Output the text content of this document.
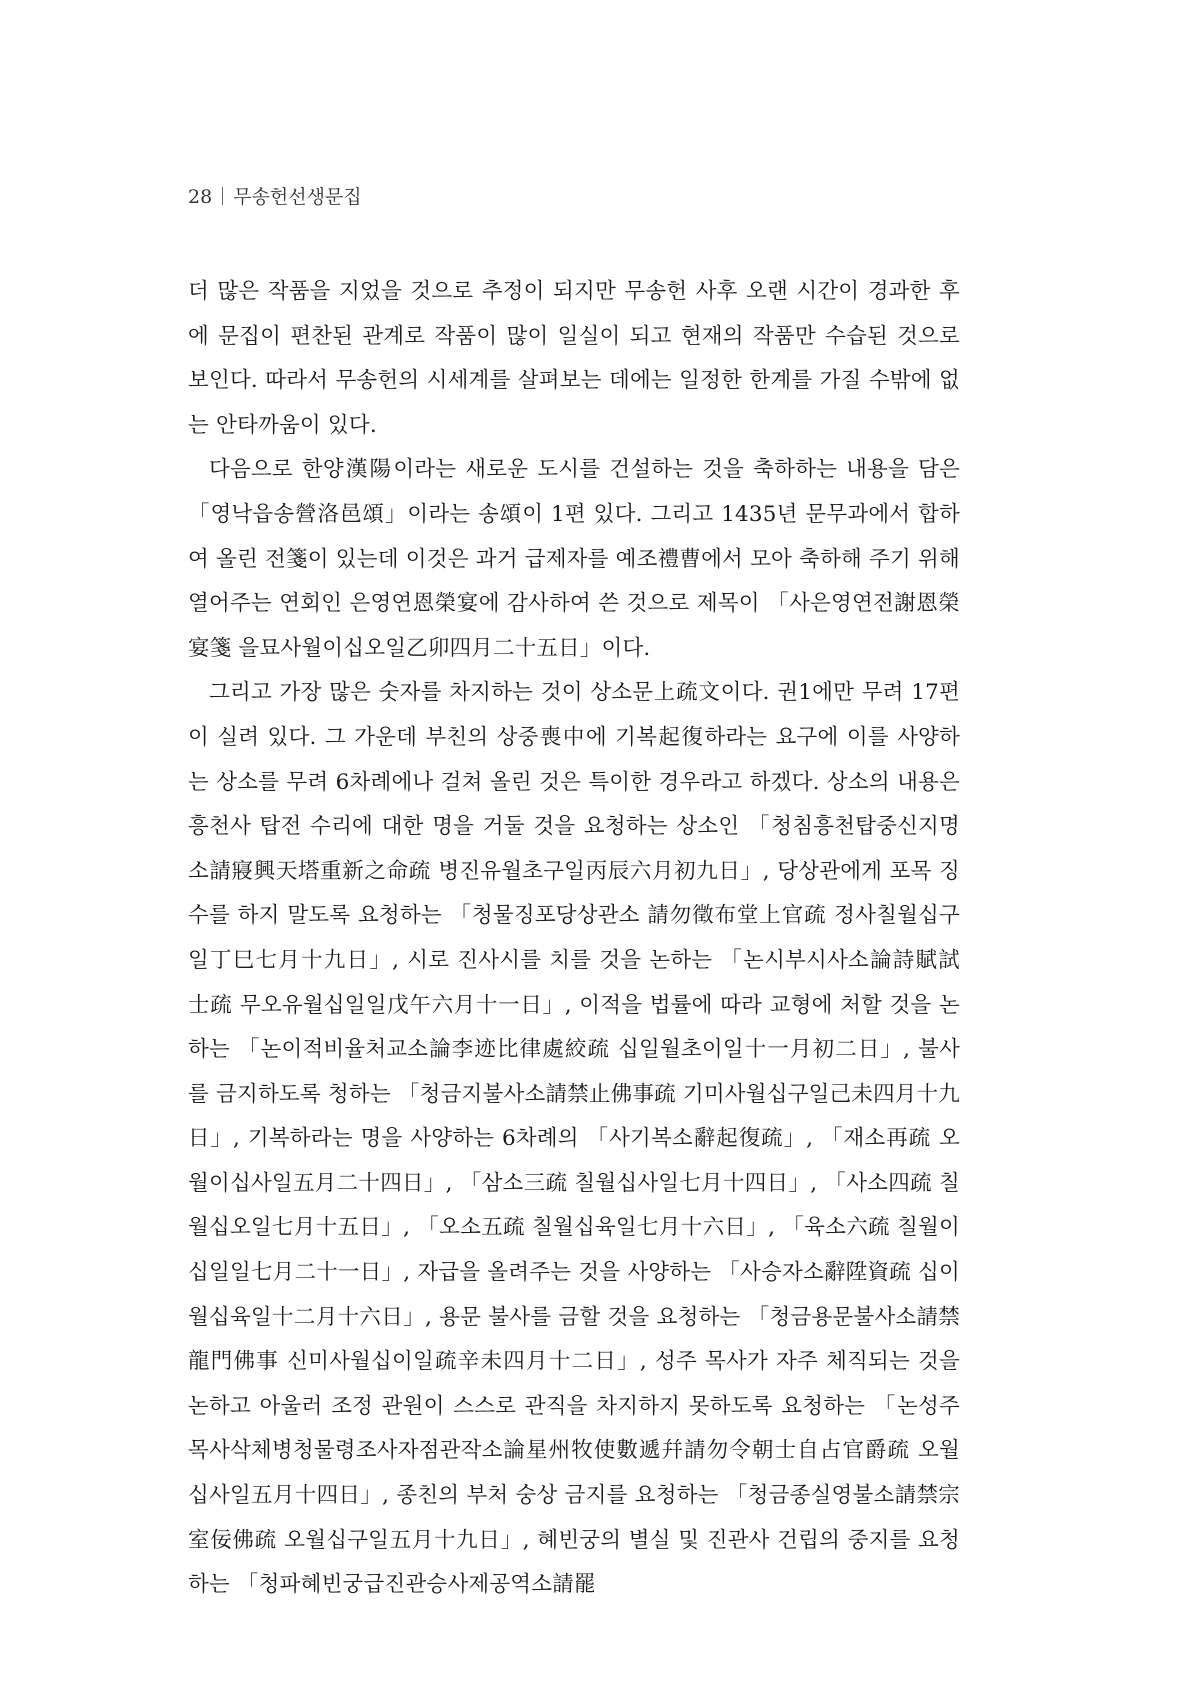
28 무송헌선생문집

더 많은 작품을 지었을 것으로 추정이 되지만 무송헌 사후 오랜 시간이 경과한 후에 문집이 편찬된 관계로 작품이 많이 일실이 되고 현재의 작품만 수습된 것으로 보인다. 따라서 무송헌의 시세계를 살펴보는 데에는 일정한 한계를 가질 수밖에 없는 안타까움이 있다.

다음으로 한양漢陽이라는 새로운 도시를 건설하는 것을 축하하는 내용을 담은 「영낙읍송營洛邑頌」이라는 송頌이 1편 있다. 그리고 1435년 문무과에서 합하여 올린 전箋이 있는데 이것은 과거 급제자를 예조禮曹에서 모아 축하해 주기 위해 열어주는 연회인 은영연恩榮宴에 감사하여 쓴 것으로 제목이 「사은영연전謝恩榮宴箋 을묘사월이십오일乙卯四月二十五日」이다.

그리고 가장 많은 숫자를 차지하는 것이 상소문上疏文이다. 권1에만 무려 17편이 실려 있다. 그 가운데 부친의 상중喪中에 기복起復하라는 요구에 이를 사양하는 상소를 무려 6차례에나 걸쳐 올린 것은 특이한 경우라고 하겠다. 상소의 내용은 흥천사 탑전 수리에 대한 명을 거둘 것을 요청하는 상소인 「청침흥천탑중신지명소請寢興天塔重新之命疏 병진유월초구일丙辰六月初九日」, 당상관에게 포목 징수를 하지 말도록 요청하는 「청물징포당상관소 請勿徵布堂上官疏 정사칠월십구일丁巳七月十九日」, 시로 진사시를 치를 것을 논하는 「논시부시사소論詩賦試士疏 무오유월십일일戊午六月十一日」, 이적을 법률에 따라 교형에 처할 것을 논하는 「논이적비율처교소論李迹比律處絞疏 십일월초이일十一月初二日」, 불사를 금지하도록 청하는 「청금지불사소請禁止佛事疏 기미사월십구일己未四月十九日」, 기복하라는 명을 사양하는 6차례의 「사기복소辭起復疏」, 「재소再疏 오월이십사일五月二十四日」, 「삼소三疏 칠월십사일七月十四日」, 「사소四疏 칠월십오일七月十五日」, 「오소五疏 칠월십육일七月十六日」, 「육소六疏 칠월이십일일七月二十一日」, 자급을 올려주는 것을 사양하는 「사승자소辭陞資疏 십이월십육일十二月十六日」, 용문 불사를 금할 것을 요청하는 「청금용문불사소請禁龍門佛事 신미사월십이일疏辛未四月十二日」, 성주 목사가 자주 체직되는 것을 논하고 아울러 조정 관원이 스스로 관직을 차지하지 못하도록 요청하는 「논성주목사삭체병청물령조사자점관작소論星州牧使數遞幷請勿令朝士自占官爵疏 오월십사일五月十四日」, 종친의 부처 숭상 금지를 요청하는 「청금종실영불소請禁宗室佞佛疏 오월십구일五月十九日」, 혜빈궁의 별실 및 진관사 건립의 중지를 요청하는 「청파혜빈궁급진관승사제공역소請罷
